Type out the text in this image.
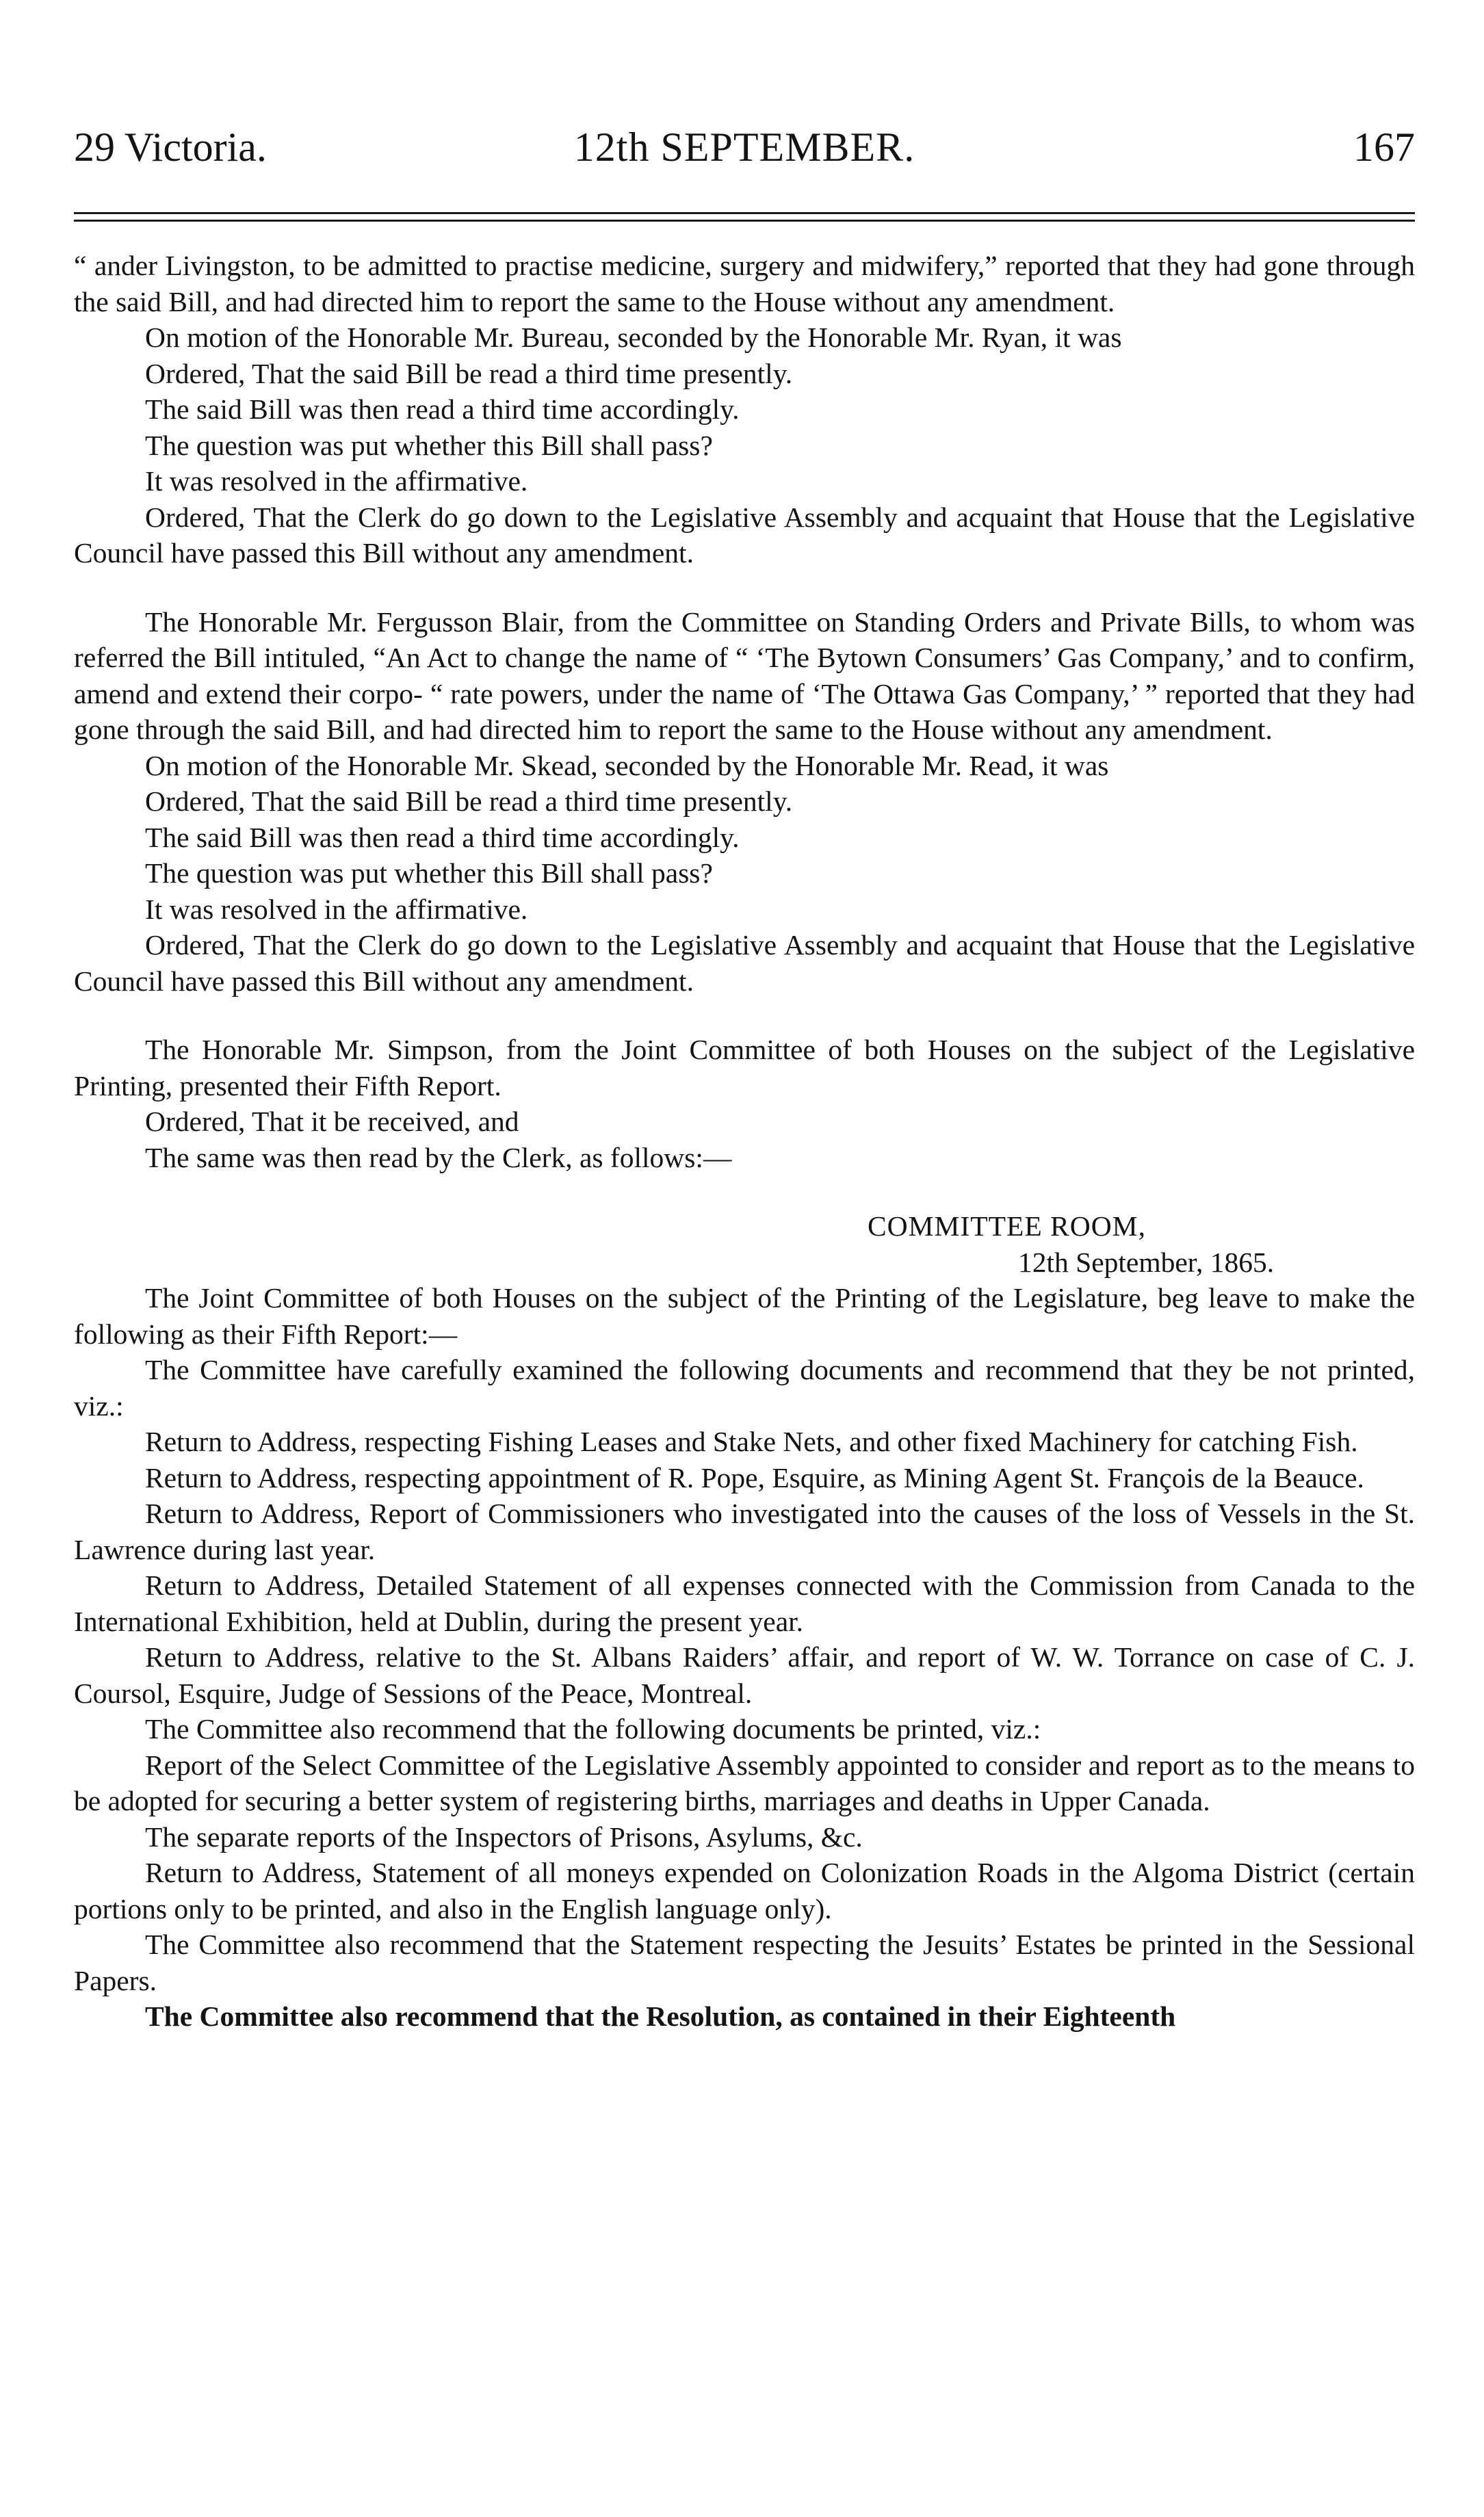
29 Victoria.	12th SEPTEMBER.	167

“ ander Livingston, to be admitted to practise medicine, surgery and midwifery,” reported that they had gone through the said Bill, and had directed him to report the same to the House without any amendment.

On motion of the Honorable Mr. Bureau, seconded by the Honorable Mr. Ryan, it was

Ordered, That the said Bill be read a third time presently.

The said Bill was then read a third time accordingly.

The question was put whether this Bill shall pass?

It was resolved in the affirmative.

Ordered, That the Clerk do go down to the Legislative Assembly and acquaint that House that the Legislative Council have passed this Bill without any amendment.

The Honorable Mr. Fergusson Blair, from the Committee on Standing Orders and Private Bills, to whom was referred the Bill intituled, “An Act to change the name of “ ‘The Bytown Consumers’ Gas Company,’ and to confirm, amend and extend their corpo- “ rate powers, under the name of ‘The Ottawa Gas Company,’ ” reported that they had gone through the said Bill, and had directed him to report the same to the House without any amendment.

On motion of the Honorable Mr. Skead, seconded by the Honorable Mr. Read, it was

Ordered, That the said Bill be read a third time presently.

The said Bill was then read a third time accordingly.

The question was put whether this Bill shall pass?

It was resolved in the affirmative.

Ordered, That the Clerk do go down to the Legislative Assembly and acquaint that House that the Legislative Council have passed this Bill without any amendment.

The Honorable Mr. Simpson, from the Joint Committee of both Houses on the subject of the Legislative Printing, presented their Fifth Report.

Ordered, That it be received, and

The same was then read by the Clerk, as follows:—

COMMITTEE ROOM,

12th September, 1865.

The Joint Committee of both Houses on the subject of the Printing of the Legislature, beg leave to make the following as their Fifth Report:—

The Committee have carefully examined the following documents and recommend that they be not printed, viz.:

Return to Address, respecting Fishing Leases and Stake Nets, and other fixed Machinery for catching Fish.

Return to Address, respecting appointment of R. Pope, Esquire, as Mining Agent St. François de la Beauce.

Return to Address, Report of Commissioners who investigated into the causes of the loss of Vessels in the St. Lawrence during last year.

Return to Address, Detailed Statement of all expenses connected with the Commission from Canada to the International Exhibition, held at Dublin, during the present year.

Return to Address, relative to the St. Albans Raiders’ affair, and report of W. W. Torrance on case of C. J. Coursol, Esquire, Judge of Sessions of the Peace, Montreal.

The Committee also recommend that the following documents be printed, viz.:

Report of the Select Committee of the Legislative Assembly appointed to consider and report as to the means to be adopted for securing a better system of registering births, marriages and deaths in Upper Canada.

The separate reports of the Inspectors of Prisons, Asylums, &c.

Return to Address, Statement of all moneys expended on Colonization Roads in the Algoma District (certain portions only to be printed, and also in the English language only).

The Committee also recommend that the Statement respecting the Jesuits’ Estates be printed in the Sessional Papers.

The Committee also recommend that the Resolution, as contained in their Eighteenth
